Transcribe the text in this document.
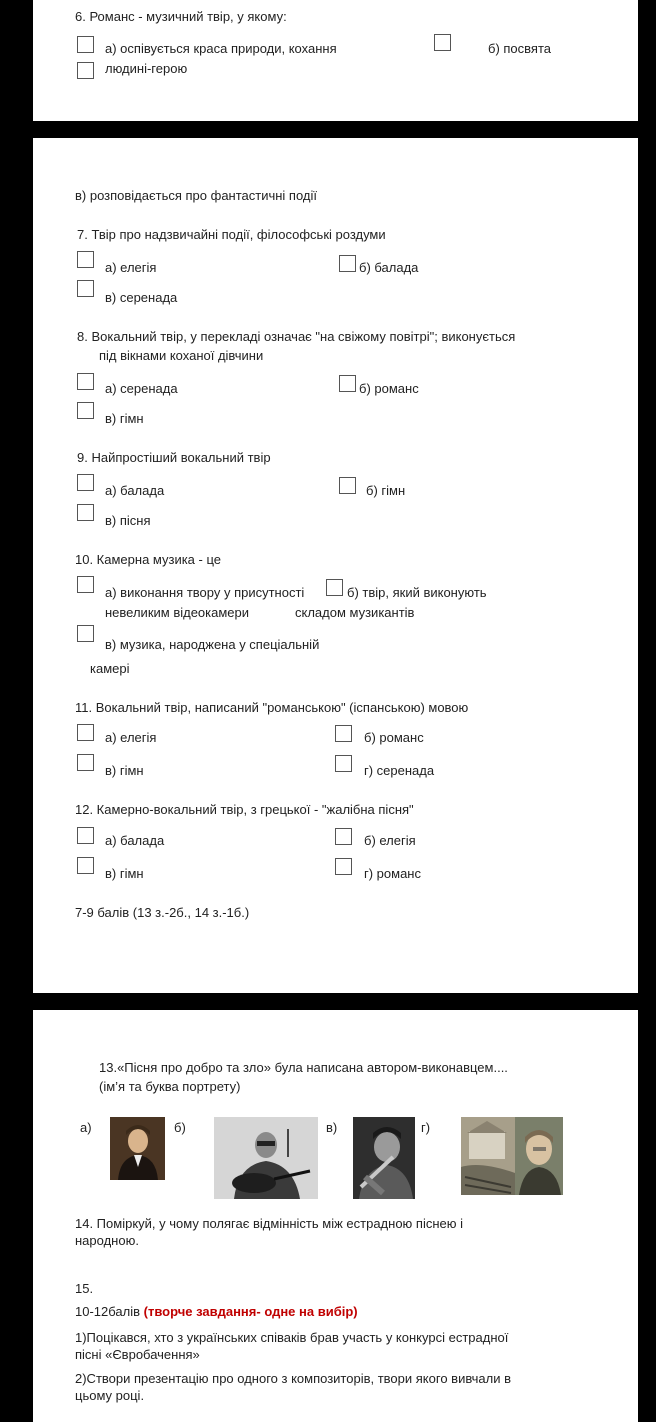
6. Романс - музичний твір, у якому:
а) оспівується краса природи, кохання	б) посвята
людині-герою
в) розповідається про фантастичні події
7. Твір про надзвичайні події, філософські роздуми
а) елегія	б) балада
в) серенада
8. Вокальний твір, у перекладі означає "на свіжому повітрі"; виконується
під вікнами коханої дівчини
а) серенада	б) романс
в) гімн
9. Найпростіший вокальний твір
а) балада	б) гімн
в) пісня
10. Камерна музика - це
а) виконання твору у присутності	б) твір, який виконують
невеликим відеокамери	складом музикантів
в) музика, народжена у спеціальній
камері
11. Вокальний твір, написаний "романською" (іспанською) мовою
а) елегія	б) романс
в) гімн	г) серенада
12. Камерно-вокальний твір, з грецької - "жалібна пісня"
а) балада	б) елегія
в) гімн	г) романс
7-9 балів (13 з.-2б., 14 з.-1б.)
13.«Пісня про добро та зло» була написана автором-виконавцем....
(ім’я та буква портрету)
а)	б)	в)	г)
14. Поміркуй, у чому полягає відмінність між естрадною піснею і
народною.
15.
10-12балів (творче завдання- одне на вибір)
1)Поцікався, хто з українських співаків брав участь у конкурсі естрадної
пісні «Євробачення»
2)Створи презентацію про одного з композиторів, твори якого вивчали в
цьому році.
